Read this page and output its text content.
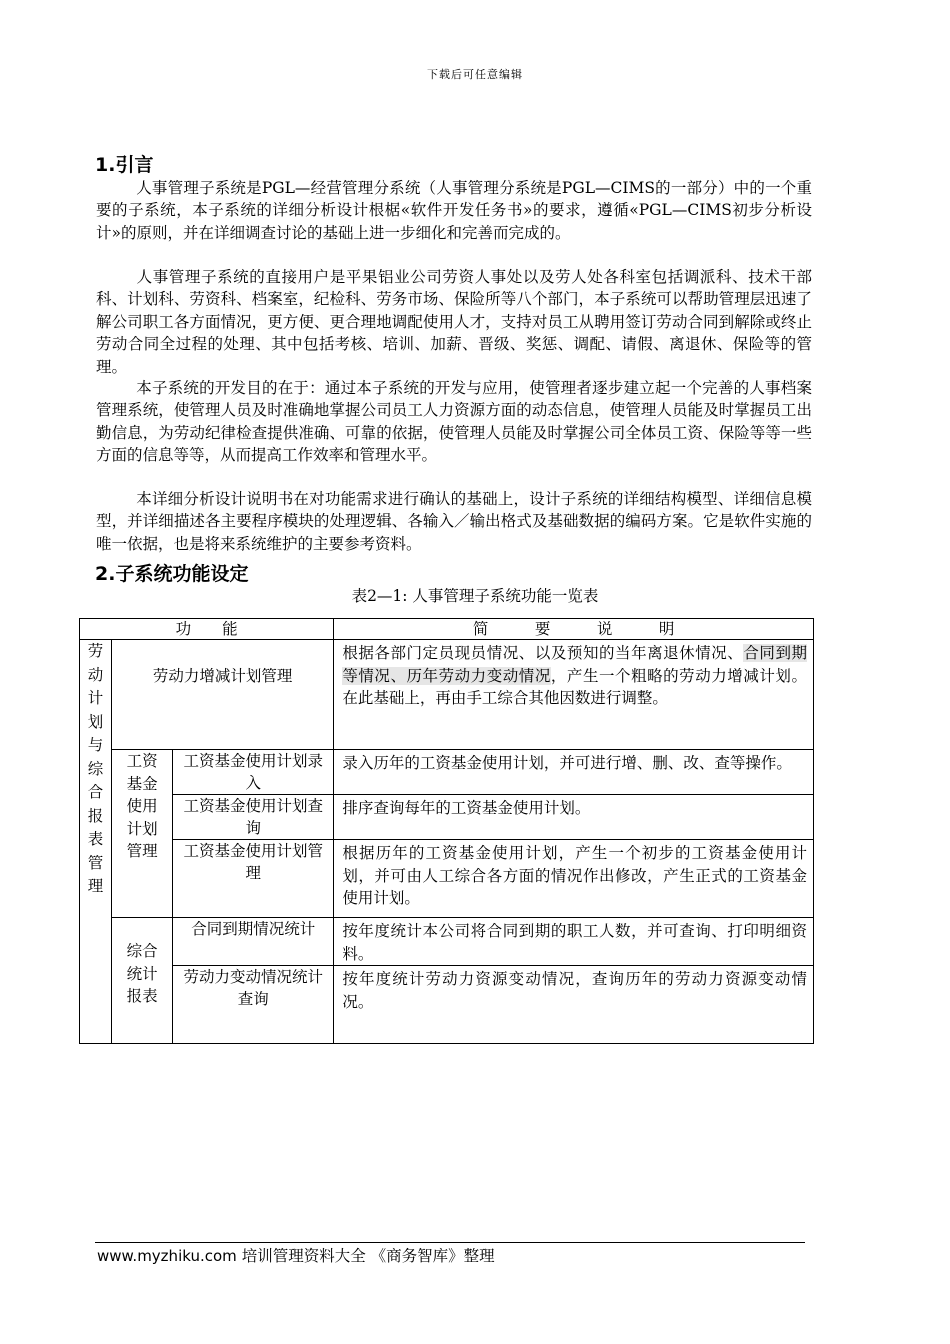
下载后可任意编辑
1.引言
人事管理子系统是PGL—经营管理分系统（人事管理分系统是PGL—CIMS的一部分）中的一个重要的子系统，本子系统的详细分析设计根椐«软件开发任务书»的要求，遵循«PGL—CIMS初步分析设计»的原则，并在详细调查讨论的基础上进一步细化和完善而完成的。
人事管理子系统的直接用户是平果铝业公司劳资人事处以及劳人处各科室包括调派科、技术干部科、计划科、劳资科、档案室，纪检科、劳务市场、保险所等八个部门，本子系统可以帮助管理层迅速了解公司职工各方面情况，更方便、更合理地调配使用人才，支持对员工从聘用签订劳动合同到解除或终止劳动合同全过程的处理、其中包括考核、培训、加薪、晋级、奖惩、调配、请假、离退休、保险等的管理。
本子系统的开发目的在于：通过本子系统的开发与应用，使管理者逐步建立起一个完善的人事档案管理系统，使管理人员及时准确地掌握公司员工人力资源方面的动态信息，使管理人员能及时掌握员工出勤信息，为劳动纪律检查提供准确、可靠的依据，使管理人员能及时掌握公司全体员工资、保险等等一些方面的信息等等，从而提高工作效率和管理水平。
本详细分析设计说明书在对功能需求进行确认的基础上，设计子系统的详细结构模型、详细信息模型，并详细描述各主要程序模块的处理逻辑、各输入／输出格式及基础数据的编码方案。它是软件实施的唯一依据，也是将来系统维护的主要参考资料。
2.子系统功能设定
表2—1: 人事管理子系统功能一览表
功　　能			简　　　要　　　说　　　明

劳动计划与综合报表管理	劳动力增减计划管理		根据各部门定员现员情况、以及预知的当年离退休情况、合同到期等情况、历年劳动力变动情况，产生一个粗略的劳动力增减计划。在此基础上，再由手工综合其他因数进行调整。

	工资基金使用计划管理	工资基金使用计划录入	录入历年的工资基金使用计划，并可进行增、删、改、查等操作。

		工资基金使用计划查询	排序查询每年的工资基金使用计划。

		工资基金使用计划管理	根据历年的工资基金使用计划，产生一个初步的工资基金使用计划，并可由人工综合各方面的情况作出修改，产生正式的工资基金使用计划。

	综合统计报表	合同到期情况统计	按年度统计本公司将合同到期的职工人数，并可查询、打印明细资料。

		劳动力变动情况统计查询	按年度统计劳动力资源变动情况，查询历年的劳动力资源变动情况。
www.myzhiku.com 培训管理资料大全 《商务智库》整理
